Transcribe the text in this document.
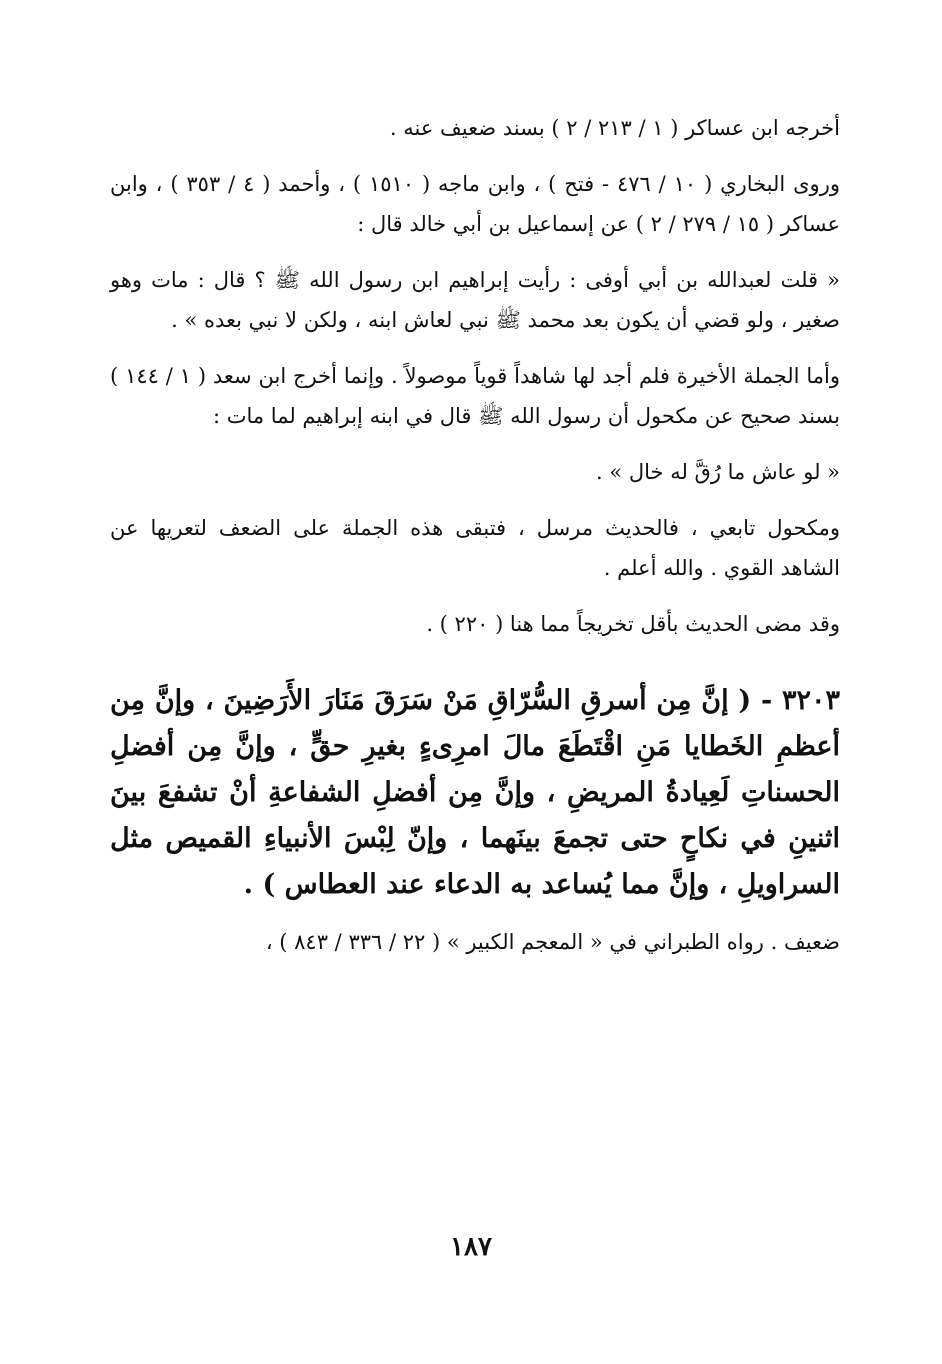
أخرجه ابن عساكر ( ١ / ٢١٣ / ٢ ) بسند ضعيف عنه .

وروى البخاري ( ١٠ / ٤٧٦ - فتح ) ، وابن ماجه ( ١٥١٠ ) ، وأحمد ( ٤ / ٣٥٣ ) ، وابن عساكر ( ١٥ / ٢٧٩ / ٢ ) عن إسماعيل بن أبي خالد قال :

« قلت لعبدالله بن أبي أوفى : رأيت إبراهيم ابن رسول الله ﷺ ؟ قال : مات وهو صغير ، ولو قضي أن يكون بعد محمد ﷺ نبي لعاش ابنه ، ولكن لا نبي بعده » .

وأما الجملة الأخيرة فلم أجد لها شاهداً قوياً موصولاً . وإنما أخرج ابن سعد ( ١ / ١٤٤ ) بسند صحيح عن مكحول أن رسول الله ﷺ قال في ابنه إبراهيم لما مات :

« لو عاش ما رُقَّ له خال » .

ومكحول تابعي ، فالحديث مرسل ، فتبقى هذه الجملة على الضعف لتعريها عن الشاهد القوي . والله أعلم .

وقد مضى الحديث بأقل تخريجاً مما هنا ( ٢٢٠ ) .

٣٢٠٣ - ( إنَّ مِن أسرقِ السُّرّاقِ مَنْ سَرَقَ مَنَارَ الأَرَضِينَ ، وإنَّ مِن أعظمِ الخَطايا مَنِ اقْتَطَعَ مالَ امرِىءٍ بغيرِ حقٍّ ، وإنَّ مِن أفضلِ الحسناتِ لَعِيادةُ المريضِ ، وإنَّ مِن أفضلِ الشفاعةِ أنْ تشفعَ بينَ اثنينِ في نكاحٍ حتى تجمعَ بينَهما ، وإنّ لِبْسَ الأنبياءِ القميص مثل السراويلِ ، وإنَّ مما يُساعد به الدعاء عند العطاس ) .

ضعيف . رواه الطبراني في « المعجم الكبير » ( ٢٢ / ٣٣٦ / ٨٤٣ ) ،

١٨٧
